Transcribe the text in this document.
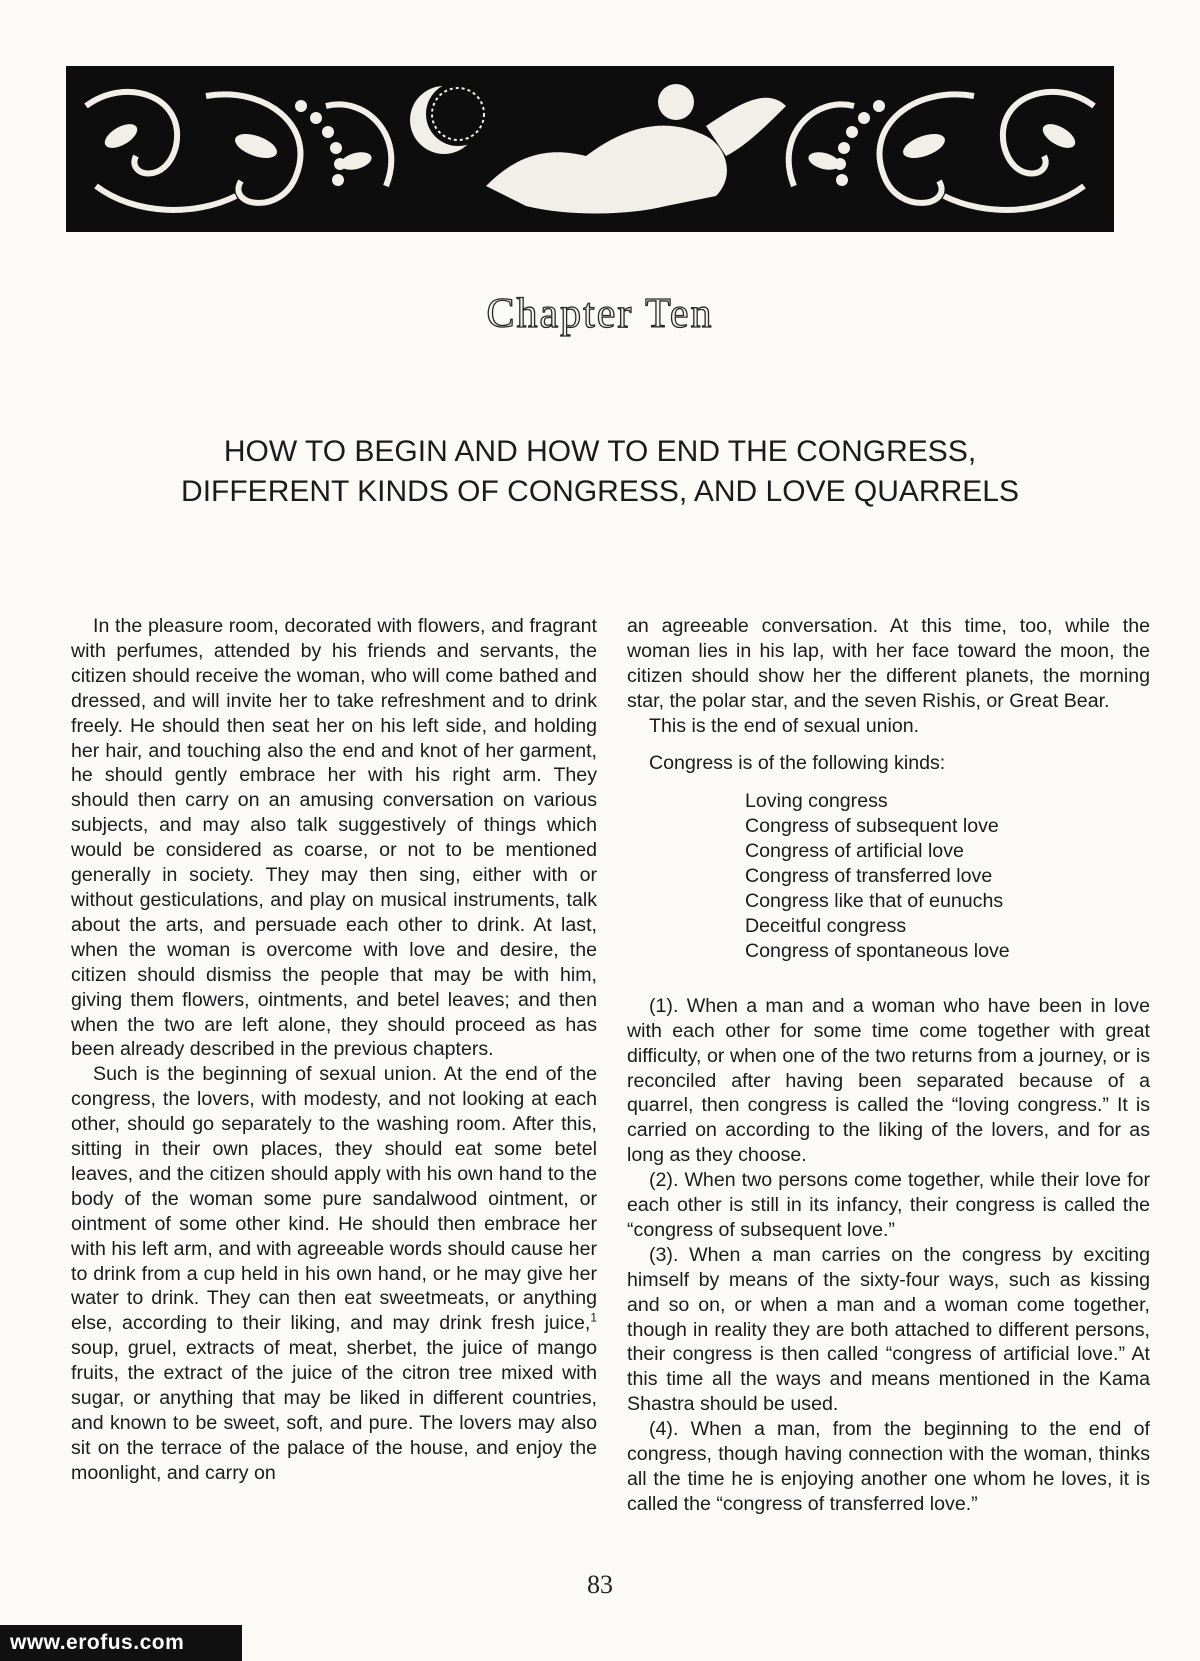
Chapter Ten
HOW TO BEGIN AND HOW TO END THE CONGRESS,
DIFFERENT KINDS OF CONGRESS, AND LOVE QUARRELS

In the pleasure room, decorated with flowers, and fragrant with perfumes, attended by his friends and servants, the citizen should receive the woman, who will come bathed and dressed, and will invite her to take refreshment and to drink freely. He should then seat her on his left side, and holding her hair, and touching also the end and knot of her garment, he should gently embrace her with his right arm. They should then carry on an amusing conversation on various subjects, and may also talk suggestively of things which would be considered as coarse, or not to be mentioned generally in society. They may then sing, either with or without gesticulations, and play on musical instruments, talk about the arts, and persuade each other to drink. At last, when the woman is overcome with love and desire, the citizen should dismiss the people that may be with him, giving them flowers, ointments, and betel leaves; and then when the two are left alone, they should proceed as has been already described in the previous chapters.

Such is the beginning of sexual union. At the end of the congress, the lovers, with modesty, and not looking at each other, should go separately to the washing room. After this, sitting in their own places, they should eat some betel leaves, and the citizen should apply with his own hand to the body of the woman some pure sandalwood ointment, or ointment of some other kind. He should then embrace her with his left arm, and with agreeable words should cause her to drink from a cup held in his own hand, or he may give her water to drink. They can then eat sweetmeats, or anything else, according to their liking, and may drink fresh juice,$^1$ soup, gruel, extracts of meat, sherbet, the juice of mango fruits, the extract of the juice of the citron tree mixed with sugar, or anything that may be liked in different countries, and known to be sweet, soft, and pure. The lovers may also sit on the terrace of the palace of the house, and enjoy the moonlight, and carry on

an agreeable conversation. At this time, too, while the woman lies in his lap, with her face toward the moon, the citizen should show her the different planets, the morning star, the polar star, and the seven Rishis, or Great Bear.

This is the end of sexual union.

Congress is of the following kinds:

Loving congress
Congress of subsequent love
Congress of artificial love
Congress of transferred love
Congress like that of eunuchs
Deceitful congress
Congress of spontaneous love

(1). When a man and a woman who have been in love with each other for some time come together with great difficulty, or when one of the two returns from a journey, or is reconciled after having been separated because of a quarrel, then congress is called the “loving congress.” It is carried on according to the liking of the lovers, and for as long as they choose.

(2). When two persons come together, while their love for each other is still in its infancy, their congress is called the “congress of subsequent love.”

(3). When a man carries on the congress by exciting himself by means of the sixty-four ways, such as kissing and so on, or when a man and a woman come together, though in reality they are both attached to different persons, their congress is then called “congress of artificial love.” At this time all the ways and means mentioned in the Kama Shastra should be used.

(4). When a man, from the beginning to the end of congress, though having connection with the woman, thinks all the time he is enjoying another one whom he loves, it is called the “congress of transferred love.”

83
www.erofus.com
